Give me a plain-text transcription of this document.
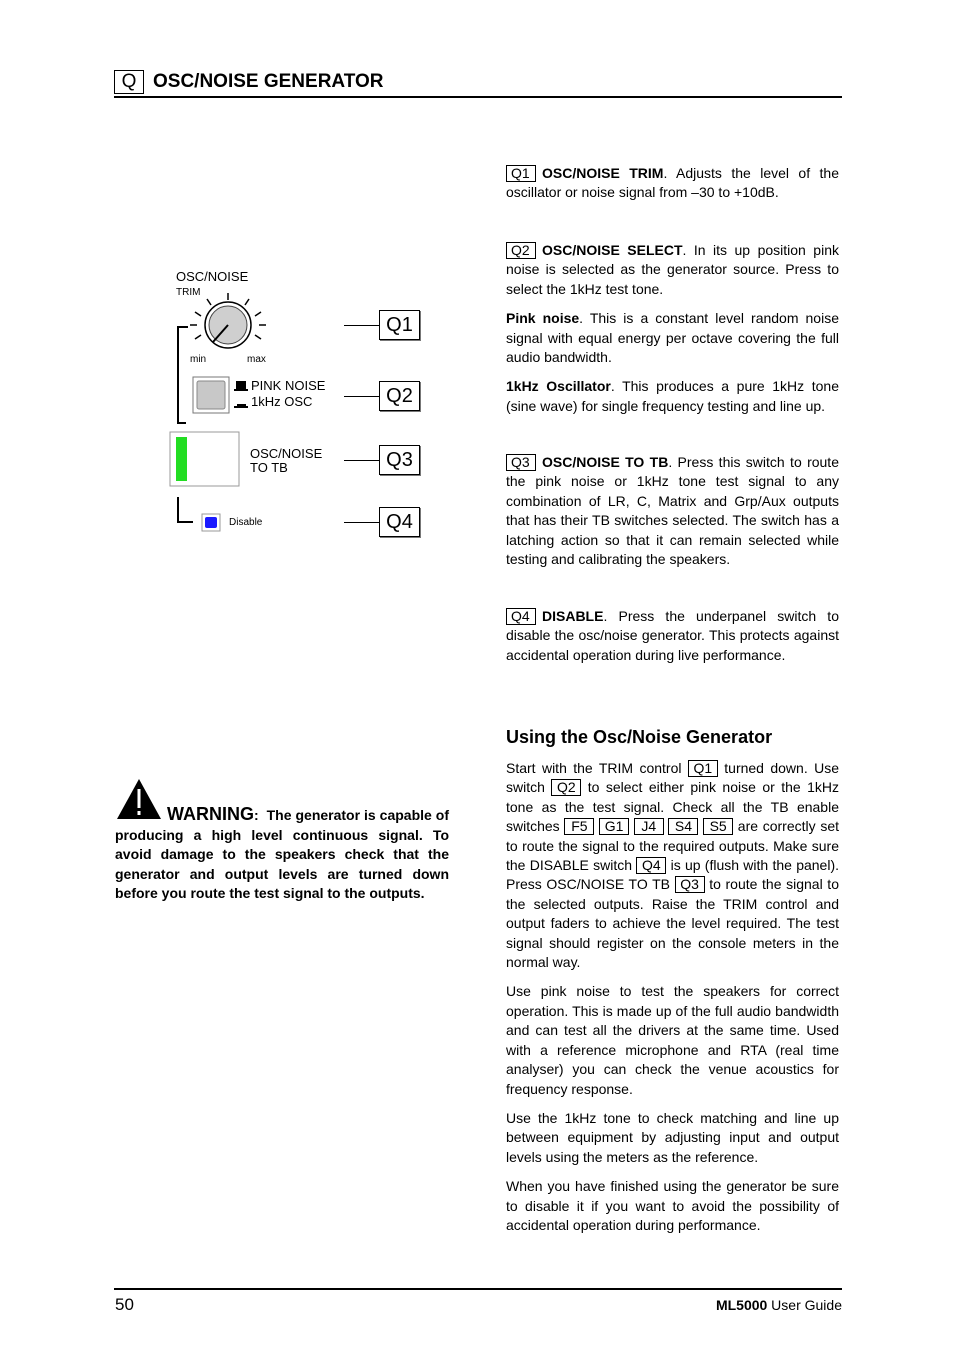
Q OSC/NOISE GENERATOR
OSC/NOISE
TRIM
min	max
PINK NOISE
1kHz OSC
OSC/NOISE
TO TB
Disable
Q1
Q2
Q3
Q4
Q1 OSC/NOISE TRIM. Adjusts the level of the oscillator or noise signal from –30 to +10dB.

Q2 OSC/NOISE SELECT. In its up position pink noise is selected as the generator source. Press to select the 1kHz test tone.

Pink noise. This is a constant level random noise signal with equal energy per octave covering the full audio bandwidth.

1kHz Oscillator. This produces a pure 1kHz tone (sine wave) for single frequency testing and line up.

Q3 OSC/NOISE TO TB. Press this switch to route the pink noise or 1kHz tone test signal to any combination of LR, C, Matrix and Grp/Aux outputs that has their TB switches selected. The switch has a latching action so that it can remain selected while testing and calibrating the speakers.
Q4 DISABLE. Press the underpanel switch to disable the osc/noise generator. This protects against accidental operation during live performance.
Using the Osc/Noise Generator

Start with the TRIM control Q1 turned down. Use switch Q2 to select either pink noise or the 1kHz tone as the test signal. Check all the TB enable switches F5 G1 J4 S4 S5 are correctly set to route the signal to the required outputs. Make sure the DISABLE switch Q4 is up (flush with the panel). Press OSC/NOISE TO TB Q3 to route the signal to the selected outputs. Raise the TRIM control and output faders to achieve the level required. The test signal should register on the console meters in the normal way.

Use pink noise to test the speakers for correct operation. This is made up of the full audio bandwidth and can test all the drivers at the same time. Used with a reference microphone and RTA (real time analyser) you can check the venue acoustics for frequency response.

Use the 1kHz tone to check matching and line up between equipment by adjusting input and output levels using the meters as the reference.

When you have finished using the generator be sure to disable it if you want to avoid the possibility of accidental operation during performance.

WARNING: The generator is capable of producing a high level continuous signal. To avoid damage to the speakers check that the generator and output levels are turned down before you route the test signal to the outputs.
50	ML5000 User Guide
